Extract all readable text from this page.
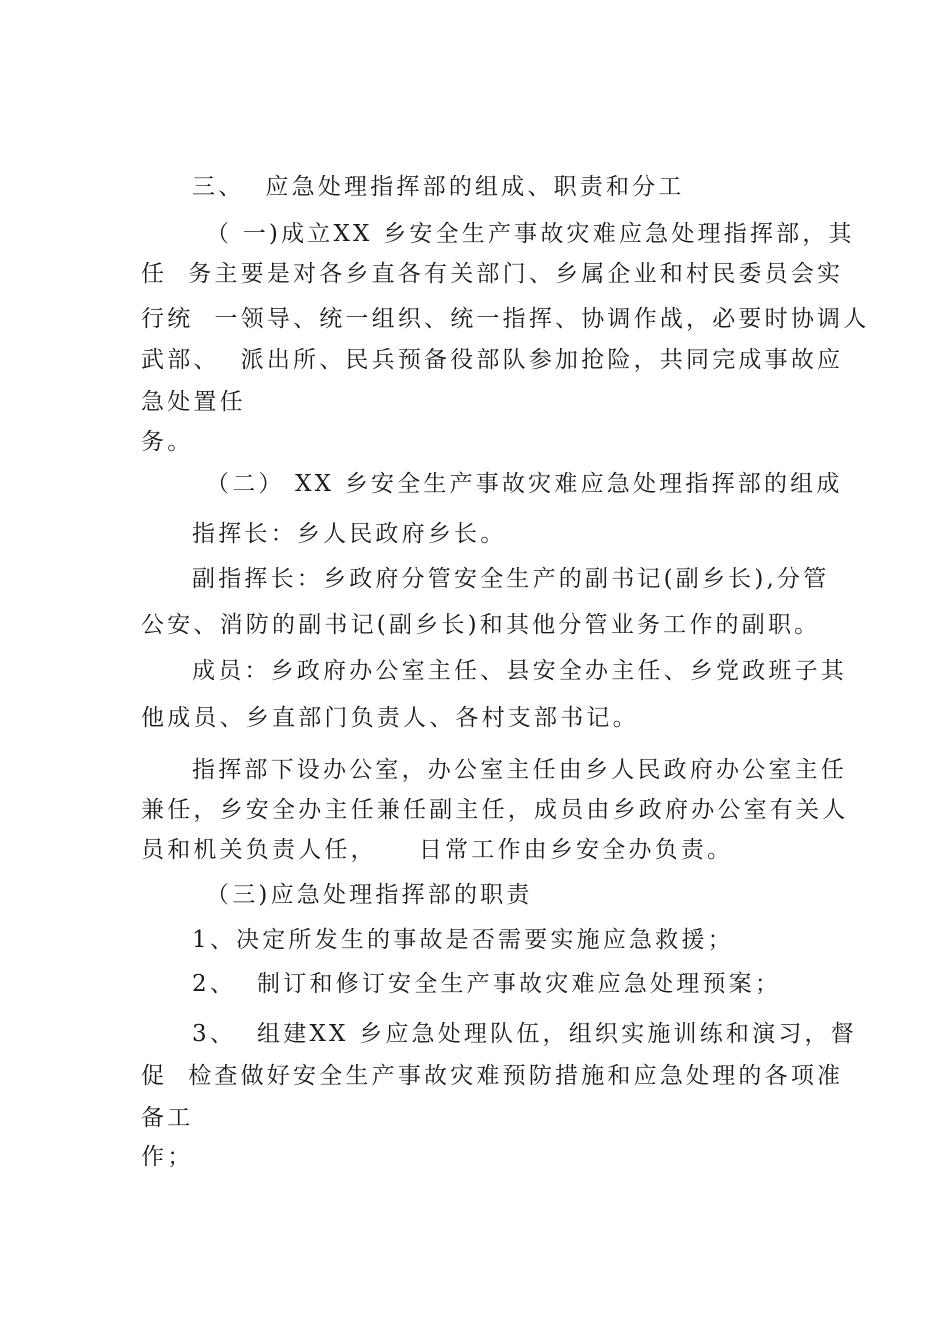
三、  应急处理指挥部的组成、职责和分工
（ 一)成立XX 乡安全生产事故灾难应急处理指挥部，其
任  务主要是对各乡直各有关部门、乡属企业和村民委员会实
行统  一领导、统一组织、统一指挥、协调作战，必要时协调人
武部、  派出所、民兵预备役部队参加抢险，共同完成事故应
急处置任
务。
（二） XX 乡安全生产事故灾难应急处理指挥部的组成
指挥长：乡人民政府乡长。
副指挥长：乡政府分管安全生产的副书记(副乡长),分管
公安、消防的副书记(副乡长)和其他分管业务工作的副职。
成员：乡政府办公室主任、县安全办主任、乡党政班子其
他成员、乡直部门负责人、各村支部书记。
指挥部下设办公室，办公室主任由乡人民政府办公室主任
兼任，乡安全办主任兼任副主任，成员由乡政府办公室有关人
员和机关负责人任，    日常工作由乡安全办负责。
（三)应急处理指挥部的职责
1、决定所发生的事故是否需要实施应急救援；
2、  制订和修订安全生产事故灾难应急处理预案；
3、  组建XX 乡应急处理队伍，组织实施训练和演习，督
促  检查做好安全生产事故灾难预防措施和应急处理的各项准
备工
作；
